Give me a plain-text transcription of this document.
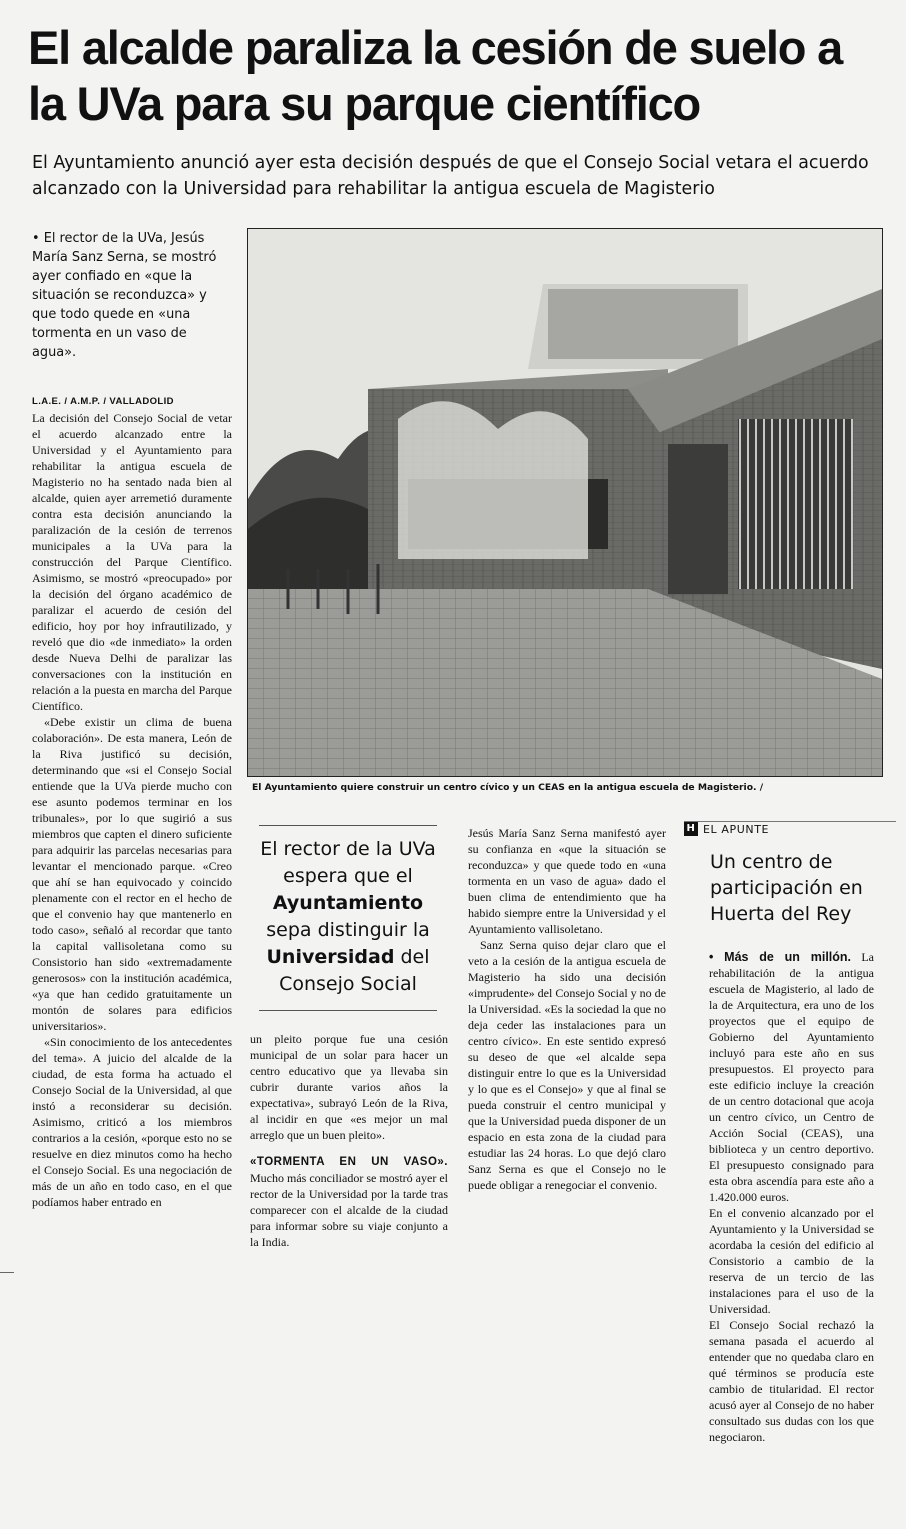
El alcalde paraliza la cesión de suelo a la UVa para su parque científico

El Ayuntamiento anunció ayer esta decisión después de que el Consejo Social vetara el acuerdo alcanzado con la Universidad para rehabilitar la antigua escuela de Magisterio

• El rector de la UVa, Jesús María Sanz Serna, se mostró ayer confiado en «que la situación se reconduzca» y que todo quede en «una tormenta en un vaso de agua».

L.A.E. / A.M.P. / VALLADOLID

La decisión del Consejo Social de vetar el acuerdo alcanzado entre la Universidad y el Ayuntamiento para rehabilitar la antigua escuela de Magisterio no ha sentado nada bien al alcalde, quien ayer arremetió duramente contra esta decisión anunciando la paralización de la cesión de terrenos municipales a la UVa para la construcción del Parque Científico. Asimismo, se mostró «preocupado» por la decisión del órgano académico de paralizar el acuerdo de cesión del edificio, hoy por hoy infrautilizado, y reveló que dio «de inmediato» la orden desde Nueva Delhi de paralizar las conversaciones con la institución en relación a la puesta en marcha del Parque Científico.

«Debe existir un clima de buena colaboración». De esta manera, León de la Riva justificó su decisión, determinando que «si el Consejo Social entiende que la UVa pierde mucho con ese asunto podemos terminar en los tribunales», por lo que sugirió a sus miembros que capten el dinero suficiente para adquirir las parcelas necesarias para levantar el mencionado parque. «Creo que ahí se han equivocado y coincido plenamente con el rector en el hecho de que el convenio hay que mantenerlo en todo caso», señaló al recordar que tanto la capital vallisoletana como su Consistorio han sido «extremadamente generosos» con la institución académica, «ya que han cedido gratuitamente un montón de solares para edificios universitarios».

«Sin conocimiento de los antecedentes del tema». A juicio del alcalde de la ciudad, de esta forma ha actuado el Consejo Social de la Universidad, al que instó a reconsiderar su decisión. Asimismo, criticó a los miembros contrarios a la cesión, «porque esto no se resuelve en diez minutos como ha hecho el Consejo Social. Es una negociación de más de un año en todo caso, en el que podíamos haber entrado en

El Ayuntamiento quiere construir un centro cívico y un CEAS en la antigua escuela de Magisterio. /

El rector de la UVa espera que el Ayuntamiento sepa distinguir la Universidad del Consejo Social

un pleito porque fue una cesión municipal de un solar para hacer un centro educativo que ya llevaba sin cubrir durante varios años la expectativa», subrayó León de la Riva, al incidir en que «es mejor un mal arreglo que un buen pleito».

«TORMENTA EN UN VASO». Mucho más conciliador se mostró ayer el rector de la Universidad por la tarde tras comparecer con el alcalde de la ciudad para informar sobre su viaje conjunto a la India.

Jesús María Sanz Serna manifestó ayer su confianza en «que la situación se reconduzca» y que quede todo en «una tormenta en un vaso de agua» dado el buen clima de entendimiento que ha habido siempre entre la Universidad y el Ayuntamiento vallisoletano.

Sanz Serna quiso dejar claro que el veto a la cesión de la antigua escuela de Magisterio ha sido una decisión «imprudente» del Consejo Social y no de la Universidad. «Es la sociedad la que no deja ceder las instalaciones para un centro cívico». En este sentido expresó su deseo de que «el alcalde sepa distinguir entre lo que es la Universidad y lo que es el Consejo» y que al final se pueda construir el centro municipal y que la Universidad pueda disponer de un espacio en esta zona de la ciudad para estudiar las 24 horas. Lo que dejó claro Sanz Serna es que el Consejo no le puede obligar a renegociar el convenio.

H EL APUNTE

Un centro de participación en Huerta del Rey

• Más de un millón. La rehabilitación de la antigua escuela de Magisterio, al lado de la de Arquitectura, era uno de los proyectos que el equipo de Gobierno del Ayuntamiento incluyó para este año en sus presupuestos. El proyecto para este edificio incluye la creación de un centro dotacional que acoja un centro cívico, un Centro de Acción Social (CEAS), una biblioteca y un centro deportivo. El presupuesto consignado para esta obra ascendía para este año a 1.420.000 euros.

En el convenio alcanzado por el Ayuntamiento y la Universidad se acordaba la cesión del edificio al Consistorio a cambio de la reserva de un tercio de las instalaciones para el uso de la Universidad.

El Consejo Social rechazó la semana pasada el acuerdo al entender que no quedaba claro en qué términos se producía este cambio de titularidad. El rector acusó ayer al Consejo de no haber consultado sus dudas con los que negociaron.
